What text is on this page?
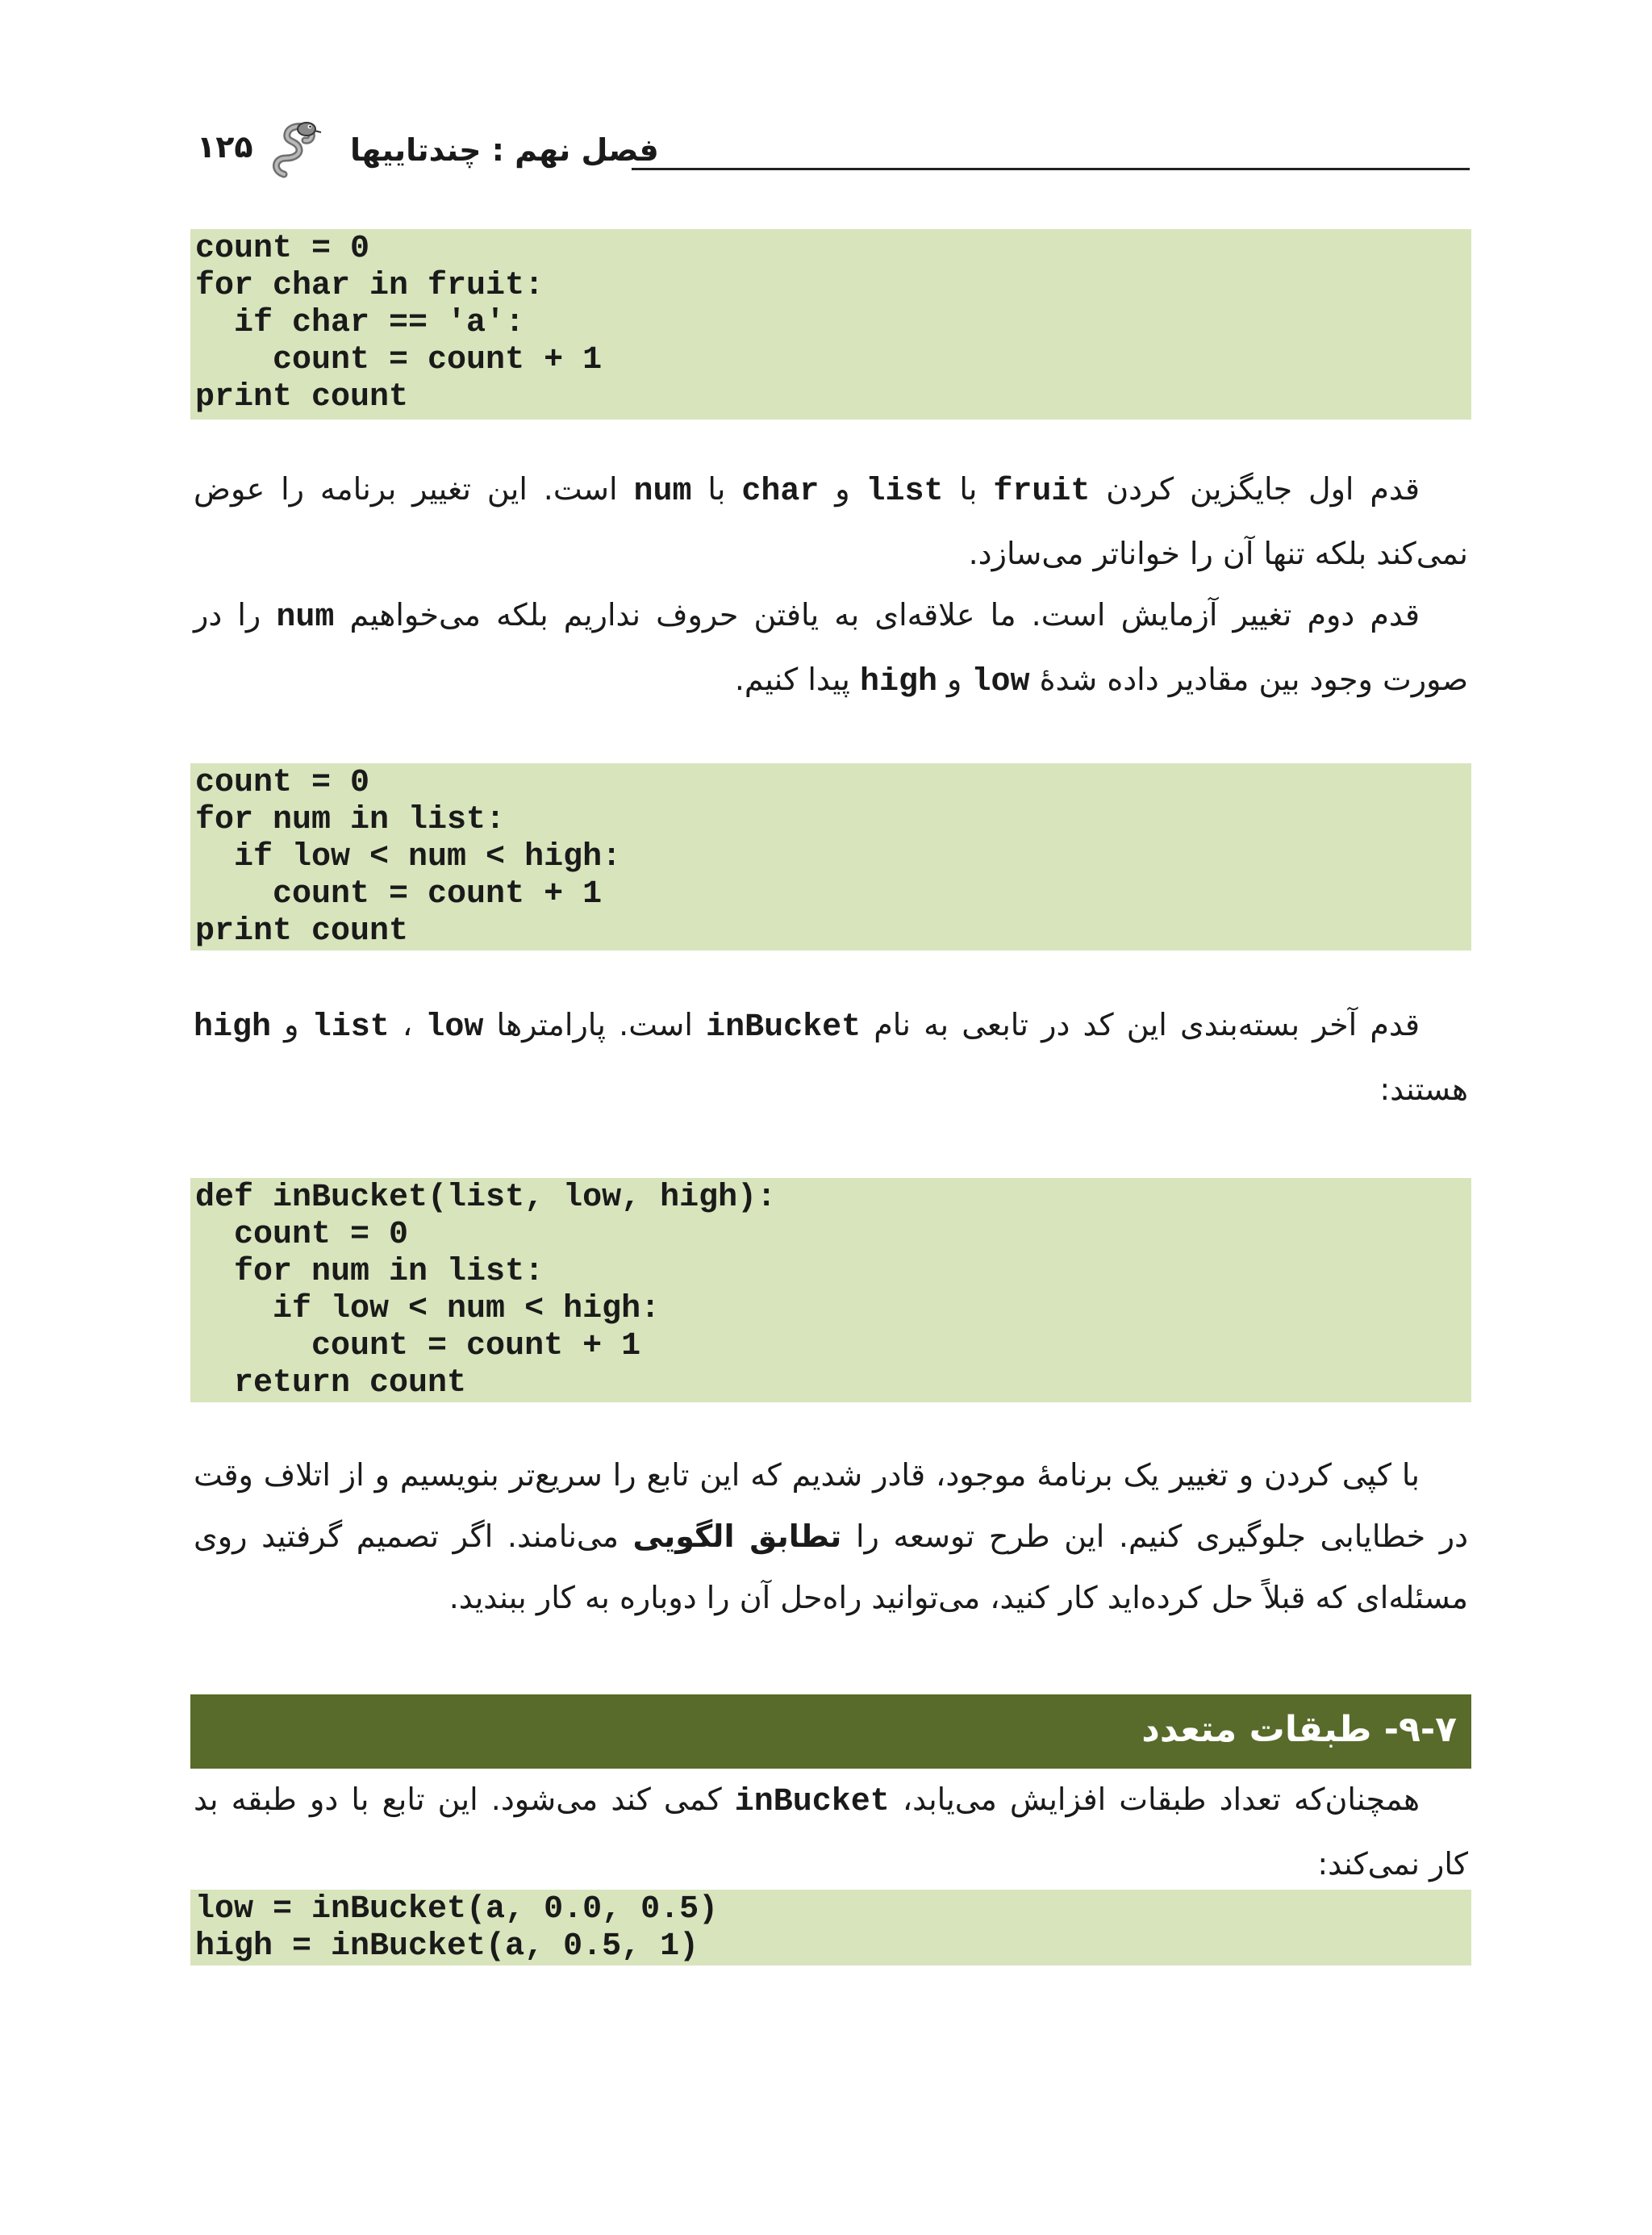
۱۲۵	فصل نهم : چندتاییها
count = 0
for char in fruit:
if char == 'a':
count = count + 1
print count

قدم اول جایگزین کردن fruit با list و char با num است. این تغییر برنامه را عوض نمی‌کند بلکه تنها آن را خواناتر می‌سازد.

قدم دوم تغییر آزمایش است. ما علاقه‌ای به یافتن حروف نداریم بلکه می‌خواهیم num را در صورت وجود بین مقادیر داده شدهٔ low و high پیدا کنیم.

count = 0
for num in list:
if low < num < high:
count = count + 1
print count

قدم آخر بسته‌بندی این کد در تابعی به نام inBucket است. پارامترها list ، low و high هستند:

def inBucket(list, low, high):
count = 0
for num in list:
if low < num < high:
count = count + 1
return count

با کپی کردن و تغییر یک برنامهٔ موجود، قادر شدیم که این تابع را سریع‌تر بنویسیم و از اتلاف وقت در خطایابی جلوگیری کنیم. این طرح توسعه را تطابق الگویی می‌نامند. اگر تصمیم گرفتید روی مسئله‌ای که قبلاً حل کرده‌اید کار کنید، می‌توانید راه‌حل آن را دوباره به کار ببندید.

۹-۷- طبقات متعدد

همچنان‌که تعداد طبقات افزایش می‌یابد، inBucket کمی کند می‌شود. این تابع با دو طبقه بد کار نمی‌کند:

low = inBucket(a, 0.0, 0.5)
high = inBucket(a, 0.5, 1)
